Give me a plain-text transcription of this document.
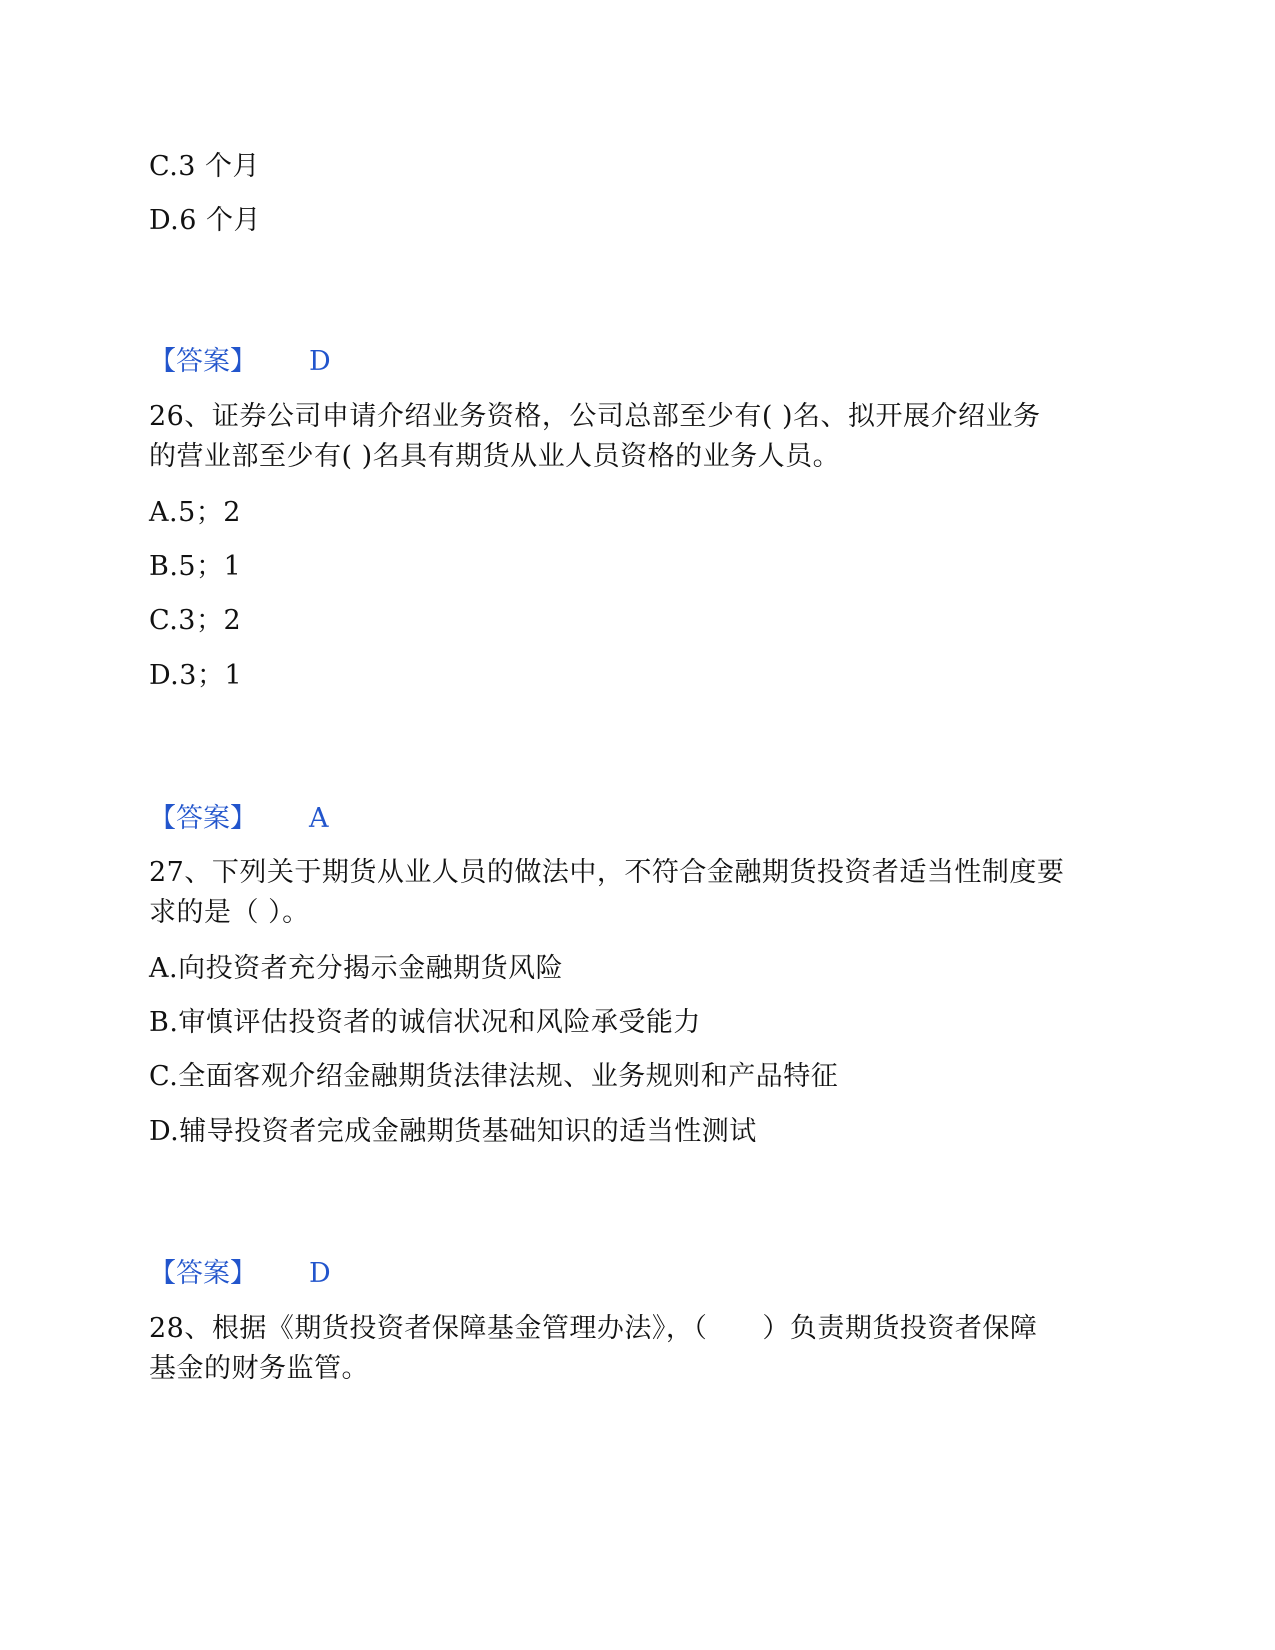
C.3 个月
D.6 个月
【答案】 D
26、证券公司申请介绍业务资格，公司总部至少有( )名、拟开展介绍业务
的营业部至少有( )名具有期货从业人员资格的业务人员。
A.5；2
B.5；1
C.3；2
D.3；1
【答案】 A
27、下列关于期货从业人员的做法中，不符合金融期货投资者适当性制度要
求的是（ ）。
A.向投资者充分揭示金融期货风险
B.审慎评估投资者的诚信状况和风险承受能力
C.全面客观介绍金融期货法律法规、业务规则和产品特征
D.辅导投资者完成金融期货基础知识的适当性测试
【答案】 D
28、根据《期货投资者保障基金管理办法》，（　　）负责期货投资者保障
基金的财务监管。
